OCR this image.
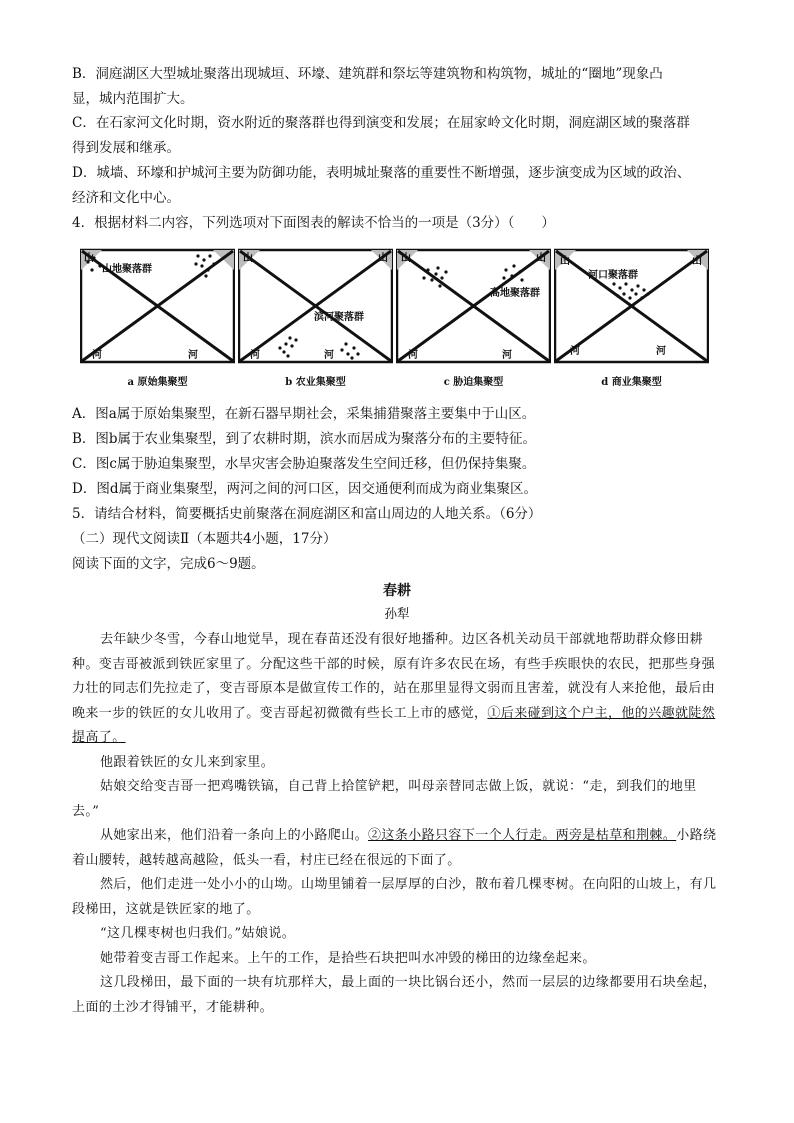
B．洞庭湖区大型城址聚落出现城垣、环壕、建筑群和祭坛等建筑物和构筑物，城址的“圈地”现象凸
显，城内范围扩大。
C．在石家河文化时期，资水附近的聚落群也得到演变和发展；在屈家岭文化时期，洞庭湖区域的聚落群
得到发展和继承。
D．城墙、环壕和护城河主要为防御功能，表明城址聚落的重要性不断增强，逐步演变成为区域的政治、
经济和文化中心。
4．根据材料二内容，下列选项对下面图表的解读不恰当的一项是（3分）（　　）
山
山地聚落群
河	河
a 原始集聚型
山	山
滨河聚落群
河	河
b 农业集聚型
山	山
高地聚落群
河	河
c 胁迫集聚型
山	山
河口聚落群
河	河
d 商业集聚型
A．图a属于原始集聚型，在新石器早期社会，采集捕猎聚落主要集中于山区。
B．图b属于农业集聚型，到了农耕时期，滨水而居成为聚落分布的主要特征。
C．图c属于胁迫集聚型，水旱灾害会胁迫聚落发生空间迁移，但仍保持集聚。
D．图d属于商业集聚型，两河之间的河口区，因交通便利而成为商业集聚区。
5．请结合材料，简要概括史前聚落在洞庭湖区和富山周边的人地关系。（6分）
（二）现代文阅读Ⅱ（本题共4小题，17分）
阅读下面的文字，完成6～9题。
春耕
孙犁

去年缺少冬雪，今春山地觉旱，现在春苗还没有很好地播种。边区各机关动员干部就地帮助群众修田耕种。变吉哥被派到铁匠家里了。分配这些干部的时候，原有许多农民在场，有些手疾眼快的农民，把那些身强力壮的同志们先拉走了，变吉哥原本是做宣传工作的，站在那里显得文弱而且害羞，就没有人来抢他，最后由晚来一步的铁匠的女儿收用了。变吉哥起初微微有些长工上市的感觉，①后来碰到这个户主，他的兴趣就陡然提高了。

他跟着铁匠的女儿来到家里。

姑娘交给变吉哥一把鸡嘴铁镐，自己背上拾筐铲耙，叫母亲替同志做上饭，就说：“走，到我们的地里去。”

从她家出来，他们沿着一条向上的小路爬山。②这条小路只容下一个人行走。两旁是枯草和荆棘。小路绕着山腰转，越转越高越险，低头一看，村庄已经在很远的下面了。

然后，他们走进一处小小的山坳。山坳里铺着一层厚厚的白沙，散布着几棵枣树。在向阳的山坡上，有几段梯田，这就是铁匠家的地了。

“这几棵枣树也归我们。”姑娘说。

她带着变吉哥工作起来。上午的工作，是拾些石块把叫水冲毁的梯田的边缘垒起来。

这几段梯田，最下面的一块有坑那样大，最上面的一块比锅台还小，然而一层层的边缘都要用石块垒起，上面的土沙才得铺平，才能耕种。
